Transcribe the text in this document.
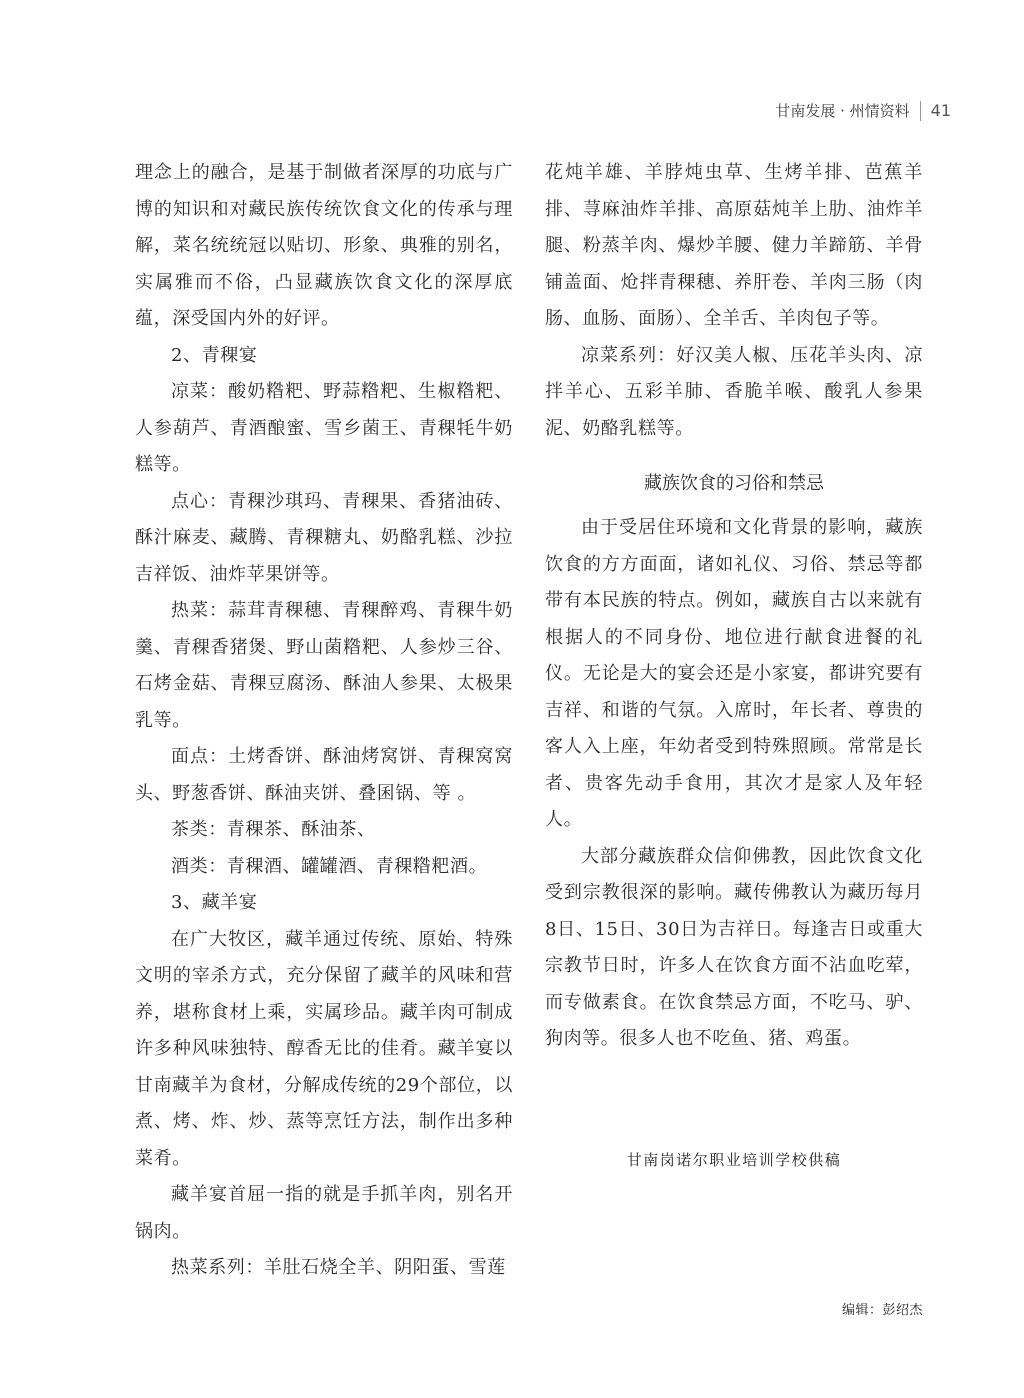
甘南发展 · 州情资料 41

理念上的融合，是基于制做者深厚的功底与广博的知识和对藏民族传统饮食文化的传承与理解，菜名统统冠以贴切、形象、典雅的别名，实属雅而不俗，凸显藏族饮食文化的深厚底蕴，深受国内外的好评。

2、青稞宴

凉菜：酸奶糌粑、野蒜糌粑、生椒糌粑、人参葫芦、青酒酿蜜、雪乡菌王、青稞牦牛奶糕等。

点心：青稞沙琪玛、青稞果、香猪油砖、酥汁麻麦、藏腾、青稞糖丸、奶酪乳糕、沙拉吉祥饭、油炸苹果饼等。

热菜：蒜茸青稞穗、青稞醉鸡、青稞牛奶羹、青稞香猪煲、野山菌糌粑、人参炒三谷、石烤金菇、青稞豆腐汤、酥油人参果、太极果乳等。

面点：土烤香饼、酥油烤窝饼、青稞窝窝头、野葱香饼、酥油夹饼、叠囷锅、等 。

茶类：青稞茶、酥油茶、

酒类：青稞酒、罐罐酒、青稞糌粑酒。

3、藏羊宴

在广大牧区，藏羊通过传统、原始、特殊文明的宰杀方式，充分保留了藏羊的风味和营养，堪称食材上乘，实属珍品。藏羊肉可制成许多种风味独特、醇香无比的佳肴。藏羊宴以甘南藏羊为食材，分解成传统的29个部位，以煮、烤、炸、炒、蒸等烹饪方法，制作出多种菜肴。

藏羊宴首屈一指的就是手抓羊肉，别名开锅肉。

热菜系列：羊肚石烧全羊、阴阳蛋、雪莲

花炖羊雄、羊脖炖虫草、生烤羊排、芭蕉羊排、荨麻油炸羊排、高原菇炖羊上肋、油炸羊腿、粉蒸羊肉、爆炒羊腰、健力羊蹄筋、羊骨铺盖面、炝拌青稞穗、养肝卷、羊肉三肠（肉肠、血肠、面肠）、全羊舌、羊肉包子等。

凉菜系列：好汉美人椒、压花羊头肉、凉拌羊心、五彩羊肺、香脆羊喉、酸乳人参果泥、奶酪乳糕等。

藏族饮食的习俗和禁忌

由于受居住环境和文化背景的影响，藏族饮食的方方面面，诸如礼仪、习俗、禁忌等都带有本民族的特点。例如，藏族自古以来就有根据人的不同身份、地位进行献食进餐的礼仪。无论是大的宴会还是小家宴，都讲究要有吉祥、和谐的气氛。入席时，年长者、尊贵的客人入上座，年幼者受到特殊照顾。常常是长者、贵客先动手食用，其次才是家人及年轻人。

大部分藏族群众信仰佛教，因此饮食文化受到宗教很深的影响。藏传佛教认为藏历每月8日、15日、30日为吉祥日。每逢吉日或重大宗教节日时，许多人在饮食方面不沾血吃荤，而专做素食。在饮食禁忌方面，不吃马、驴、狗肉等。很多人也不吃鱼、猪、鸡蛋。

甘南岗诺尔职业培训学校供稿
编辑：彭绍杰
